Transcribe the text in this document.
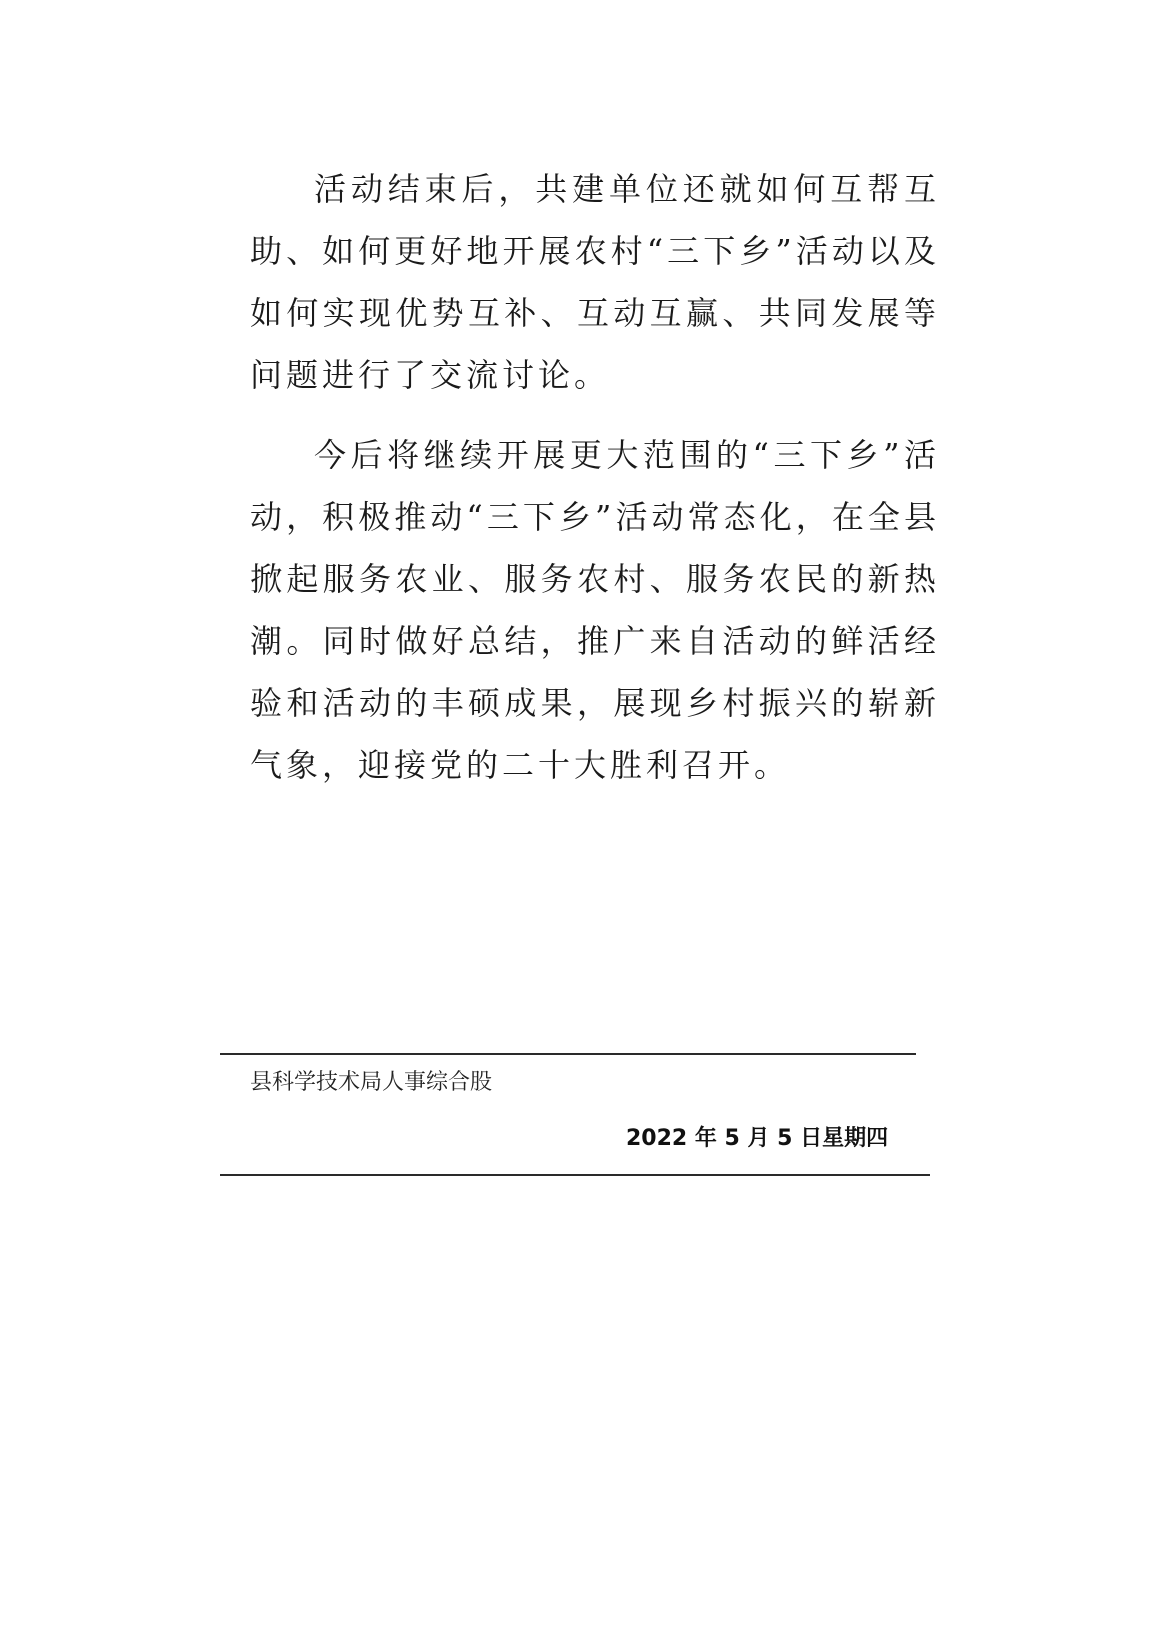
活动结束后，共建单位还就如何互帮互助、如何更好地开展农村“三下乡”活动以及如何实现优势互补、互动互赢、共同发展等问题进行了交流讨论。

今后将继续开展更大范围的“三下乡”活动，积极推动“三下乡”活动常态化，在全县掀起服务农业、服务农村、服务农民的新热潮。同时做好总结，推广来自活动的鲜活经验和活动的丰硕成果，展现乡村振兴的崭新气象，迎接党的二十大胜利召开。

县科学技术局人事综合股
2022 年 5 月 5 日星期四
